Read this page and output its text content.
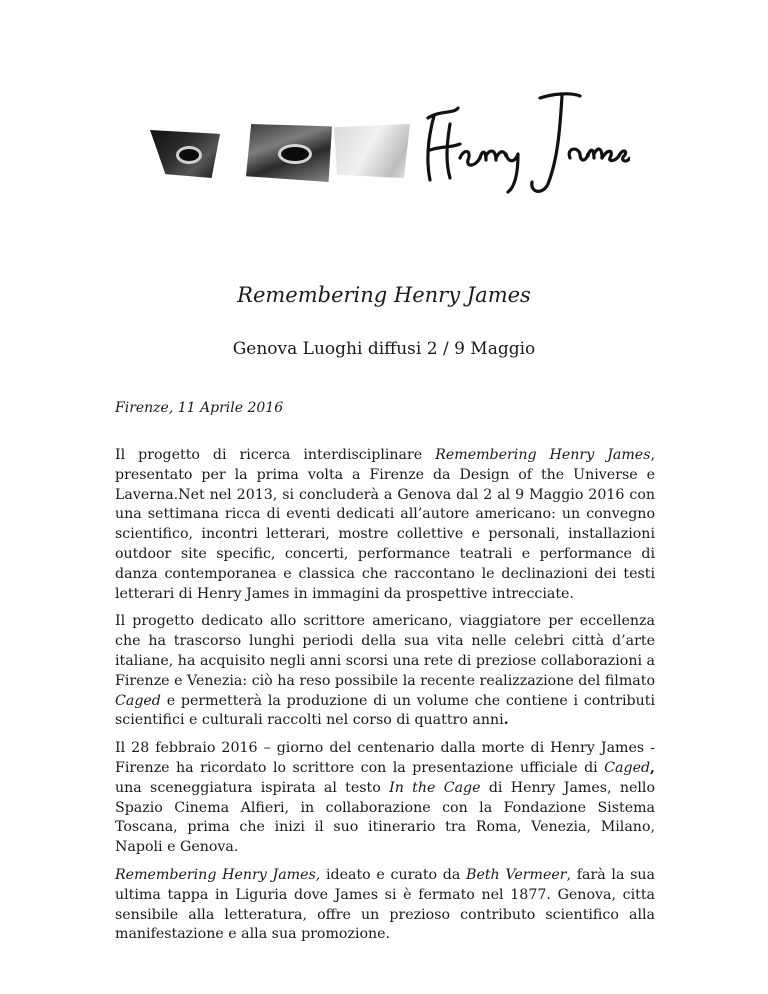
Remembering Henry James
Genova Luoghi diffusi 2 / 9 Maggio
Firenze, 11 Aprile 2016

Il progetto di ricerca interdisciplinare Remembering Henry James, presentato per la prima volta a Firenze da Design of the Universe e Laverna.Net nel 2013, si concluderà a Genova dal 2 al 9 Maggio 2016 con una settimana ricca di eventi dedicati all’autore americano: un convegno scientifico, incontri letterari, mostre collettive e personali, installazioni outdoor site specific, concerti, performance teatrali e performance di danza contemporanea e classica che raccontano le declinazioni dei testi letterari di Henry James in immagini da prospettive intrecciate.

Il progetto dedicato allo scrittore americano, viaggiatore per eccellenza che ha trascorso lunghi periodi della sua vita nelle celebri città d’arte italiane, ha acquisito negli anni scorsi una rete di preziose collaborazioni a Firenze e Venezia: ciò ha reso possibile la recente realizzazione del filmato Caged e permetterà la produzione di un volume che contiene i contributi scientifici e culturali raccolti nel corso di quattro anni.

Il 28 febbraio 2016 – giorno del centenario dalla morte di Henry James - Firenze ha ricordato lo scrittore con la presentazione ufficiale di Caged, una sceneggiatura ispirata al testo In the Cage di Henry James, nello Spazio Cinema Alfieri, in collaborazione con la Fondazione Sistema Toscana, prima che inizi il suo itinerario tra Roma, Venezia, Milano, Napoli e Genova.

Remembering Henry James, ideato e curato da Beth Vermeer, farà la sua ultima tappa in Liguria dove James si è fermato nel 1877. Genova, citta sensibile alla letteratura, offre un prezioso contributo scientifico alla manifestazione e alla sua promozione.
